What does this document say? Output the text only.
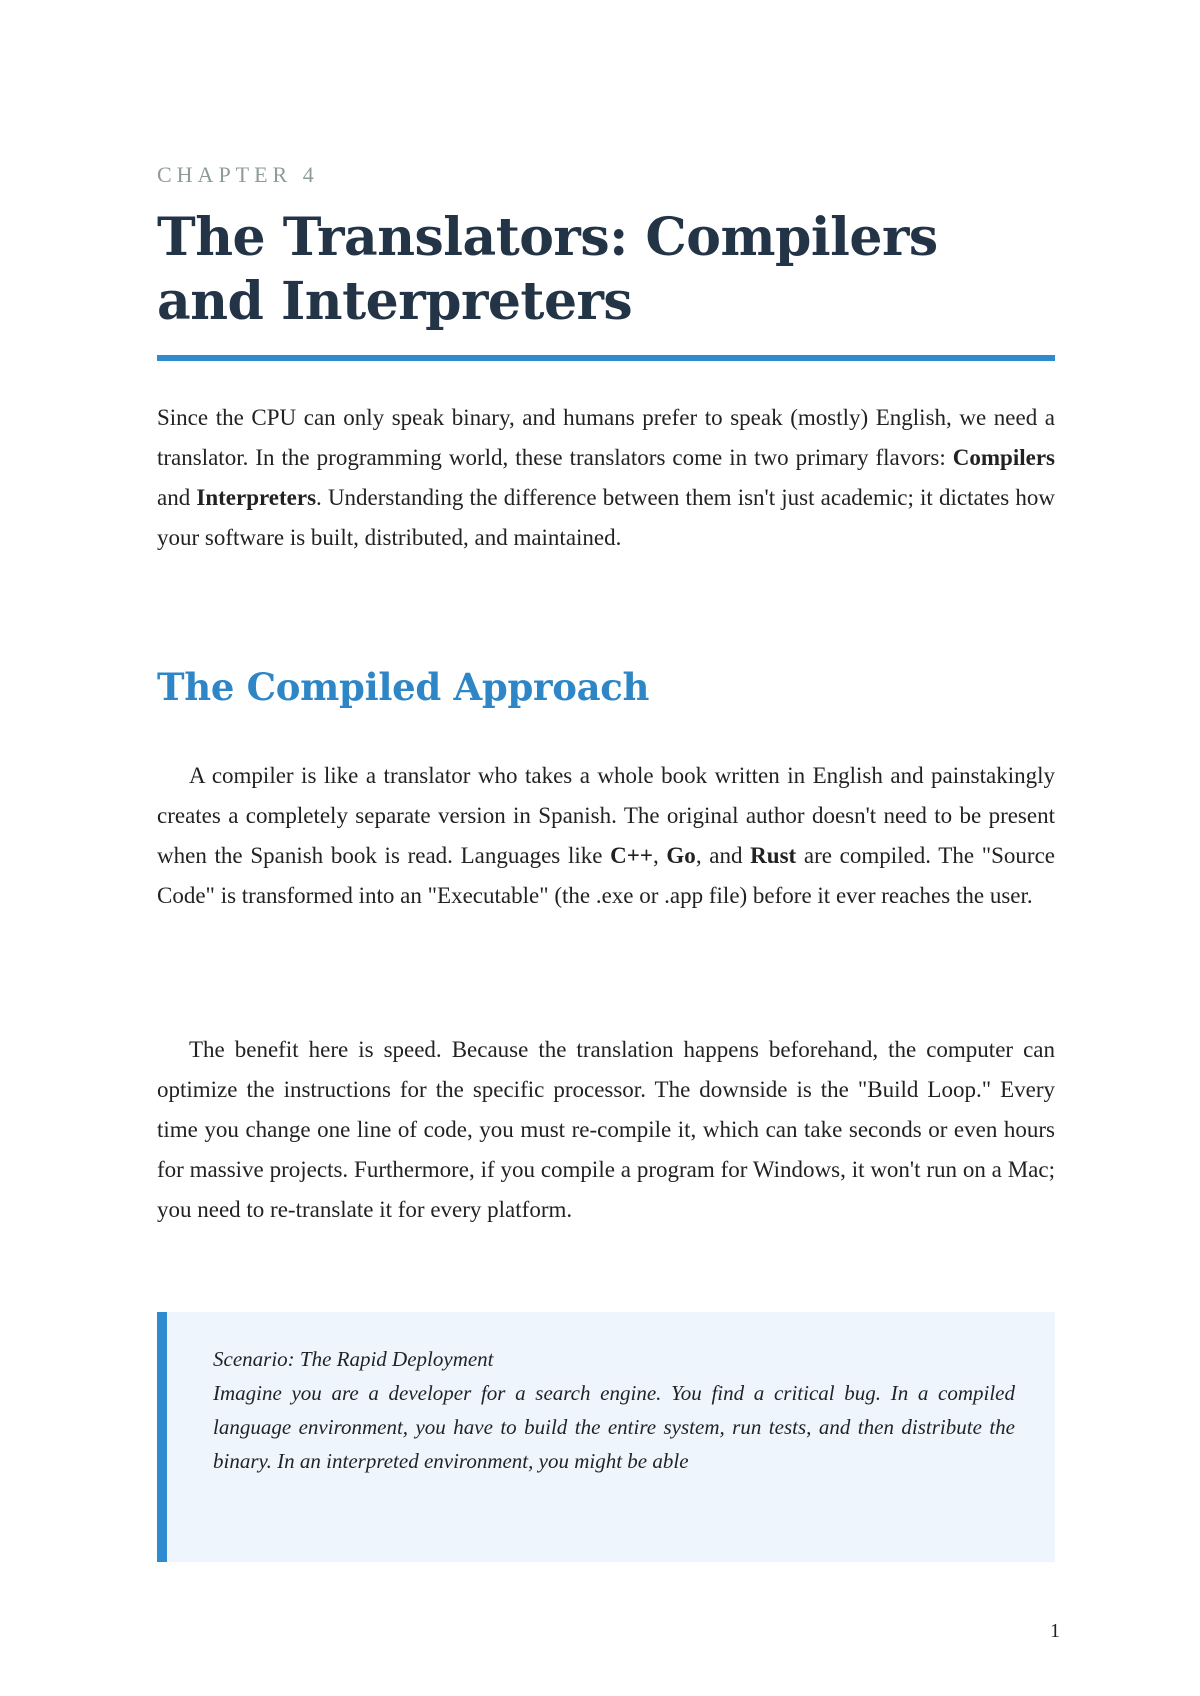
CHAPTER 4
The Translators: Compilers and Interpreters

Since the CPU can only speak binary, and humans prefer to speak (mostly) English, we need a translator. In the programming world, these translators come in two primary flavors: Compilers and Interpreters. Understanding the difference between them isn't just academic; it dictates how your software is built, distributed, and maintained.

The Compiled Approach

A compiler is like a translator who takes a whole book written in English and painstakingly creates a completely separate version in Spanish. The original author doesn't need to be present when the Spanish book is read. Languages like C++, Go, and Rust are compiled. The "Source Code" is transformed into an "Executable" (the .exe or .app file) before it ever reaches the user.

The benefit here is speed. Because the translation happens beforehand, the computer can optimize the instructions for the specific processor. The downside is the "Build Loop." Every time you change one line of code, you must re-compile it, which can take seconds or even hours for massive projects. Furthermore, if you compile a program for Windows, it won't run on a Mac; you need to re-translate it for every platform.

Scenario: The Rapid Deployment

Imagine you are a developer for a search engine. You find a critical bug. In a compiled language environment, you have to build the entire system, run tests, and then distribute the binary. In an interpreted environment, you might be able

1
